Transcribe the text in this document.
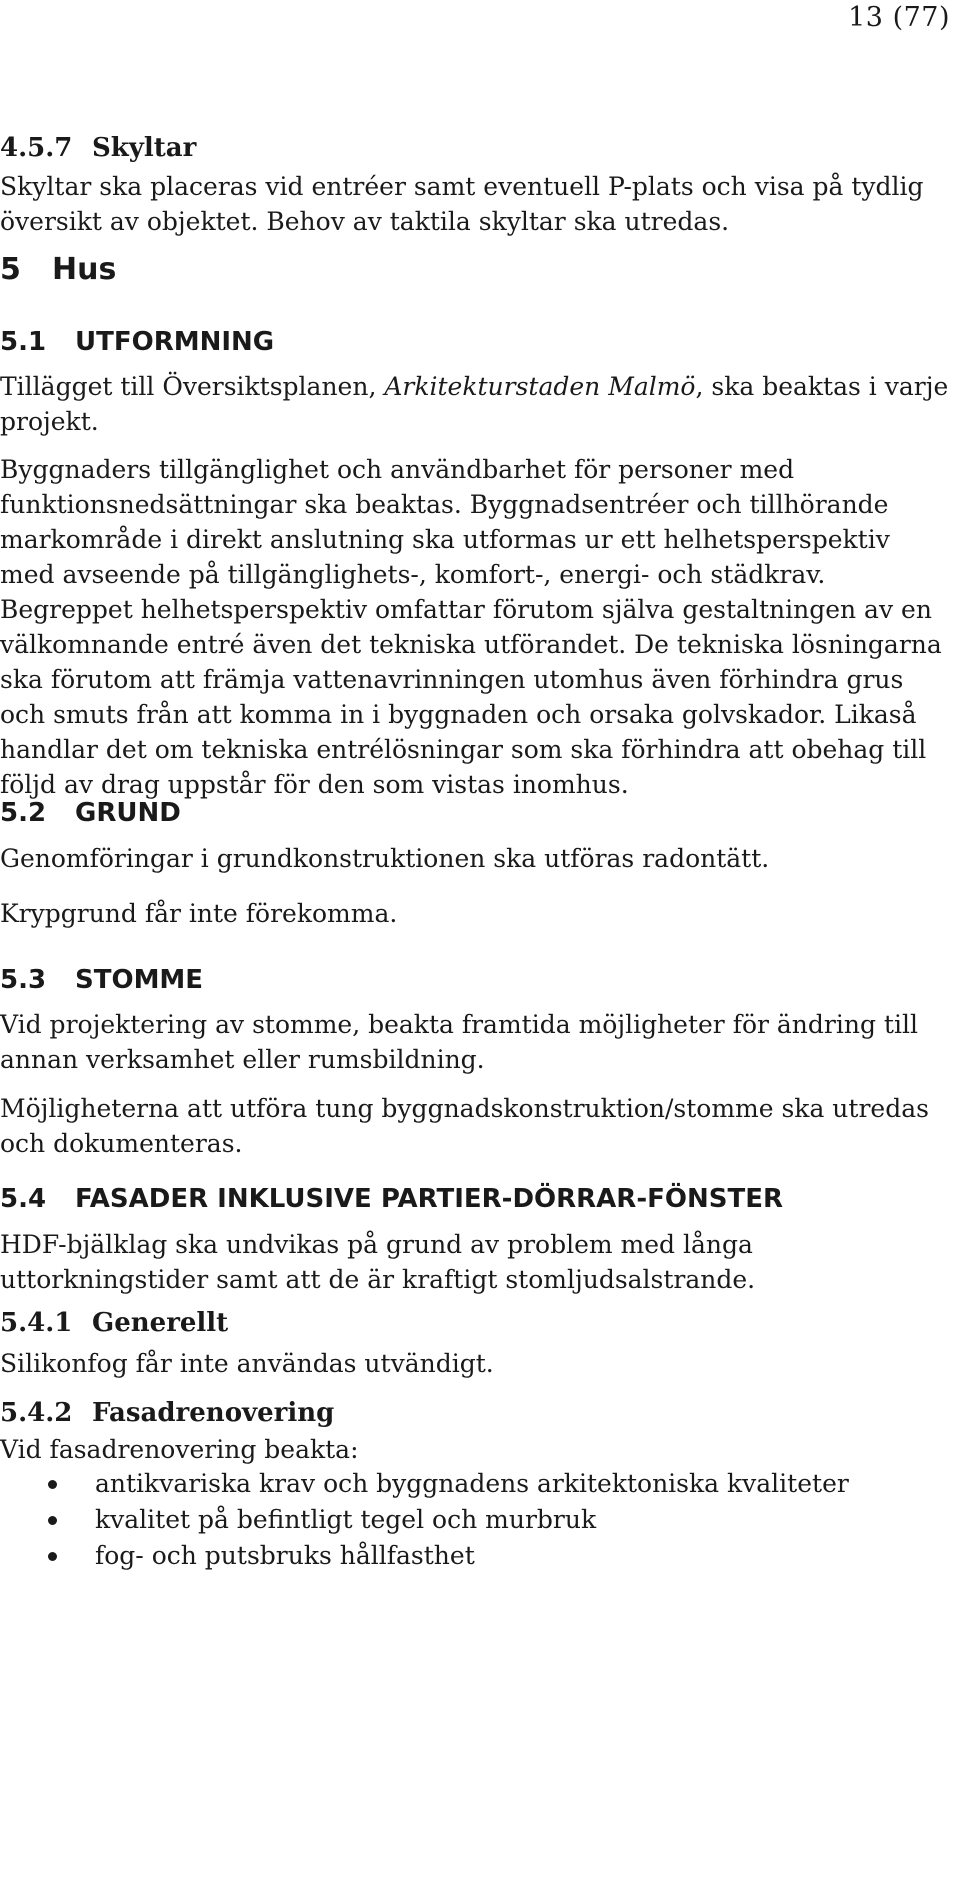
13 (77)
4.5.7 Skyltar
Skyltar ska placeras vid entréer samt eventuell P-plats och visa på tydlig översikt av objektet. Behov av taktila skyltar ska utredas.
5 Hus
5.1 UTFORMNING
Tillägget till Översiktsplanen, Arkitekturstaden Malmö, ska beaktas i varje projekt.
Byggnaders tillgänglighet och användbarhet för personer med funktionsnedsättningar ska beaktas. Byggnadsentréer och tillhörande markområde i direkt anslutning ska utformas ur ett helhetsperspektiv med avseende på tillgänglighets-, komfort-, energi- och städkrav. Begreppet helhetsperspektiv omfattar förutom själva gestaltningen av en välkomnande entré även det tekniska utförandet. De tekniska lösningarna ska förutom att främja vattenavrinningen utomhus även förhindra grus och smuts från att komma in i byggnaden och orsaka golvskador. Likaså handlar det om tekniska entrélösningar som ska förhindra att obehag till följd av drag uppstår för den som vistas inomhus.
5.2 GRUND
Genomföringar i grundkonstruktionen ska utföras radontätt.
Krypgrund får inte förekomma.
5.3 STOMME
Vid projektering av stomme, beakta framtida möjligheter för ändring till annan verksamhet eller rumsbildning.
Möjligheterna att utföra tung byggnadskonstruktion/stomme ska utredas och dokumenteras.
5.4 FASADER INKLUSIVE PARTIER-DÖRRAR-FÖNSTER
HDF-bjälklag ska undvikas på grund av problem med långa uttorkningstider samt att de är kraftigt stomljudsalstrande.
5.4.1 Generellt
Silikonfog får inte användas utvändigt.
5.4.2 Fasadrenovering
Vid fasadrenovering beakta:
antikvariska krav och byggnadens arkitektoniska kvaliteter
kvalitet på befintligt tegel och murbruk
fog- och putsbruks hållfasthet
